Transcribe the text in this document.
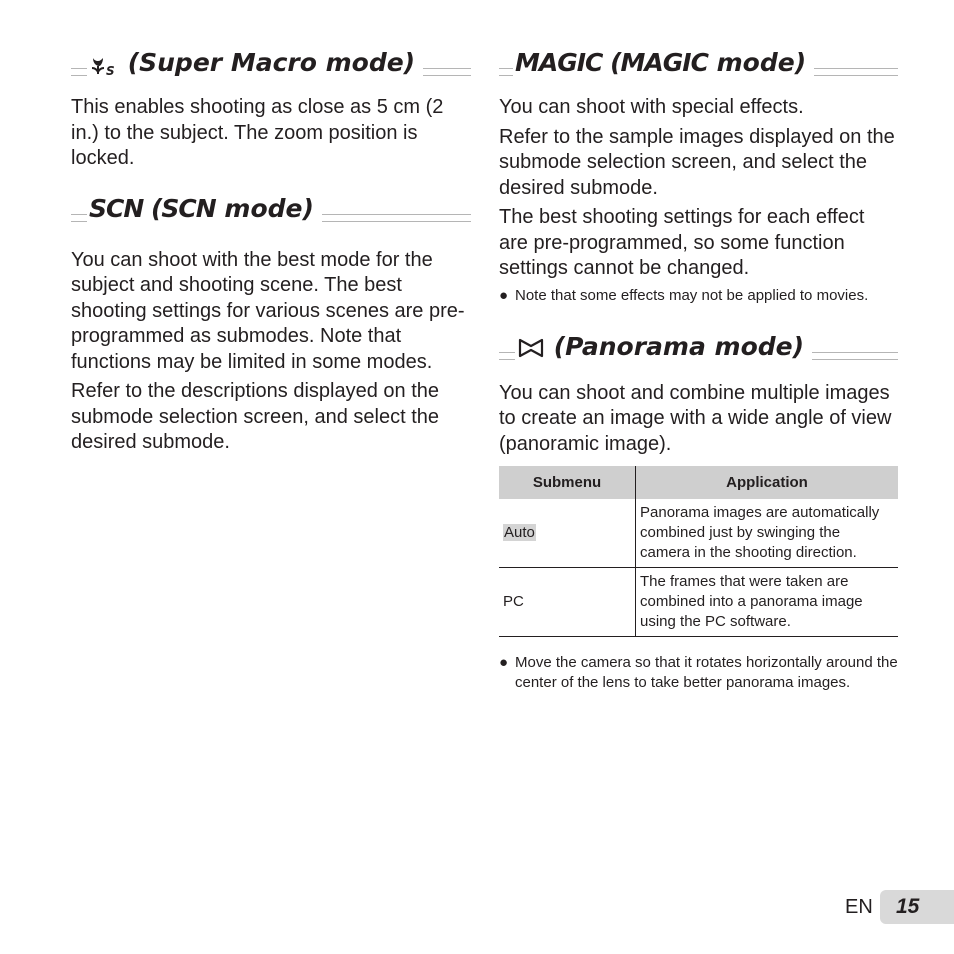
S (Super Macro mode)

This enables shooting as close as 5 cm (2 in.) to the subject. The zoom position is locked.

SCN (SCN mode)

You can shoot with the best mode for the subject and shooting scene. The best shooting settings for various scenes are pre-programmed as submodes. Note that functions may be limited in some modes.

Refer to the descriptions displayed on the submode selection screen, and select the desired submode.

MAGIC (MAGIC mode)

You can shoot with special effects.

Refer to the sample images displayed on the submode selection screen, and select the desired submode.

The best shooting settings for each effect are pre-programmed, so some function settings cannot be changed.

● Note that some effects may not be applied to movies.

(Panorama mode)

You can shoot and combine multiple images to create an image with a wide angle of view (panoramic image).

Submenu	Application
Auto	Panorama images are automatically combined just by swinging the camera in the shooting direction.
PC	The frames that were taken are combined into a panorama image using the PC software.

● Move the camera so that it rotates horizontally around the center of the lens to take better panorama images.

EN	15
